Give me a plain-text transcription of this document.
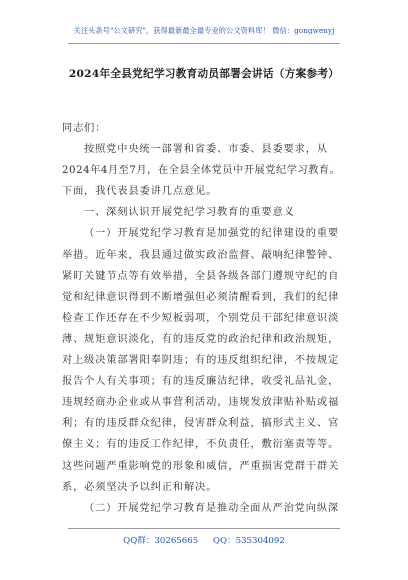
关注头条号"公文研究"，获得最新最全最专业的公文资料库！ 微信：gongwenyj
2024年全县党纪学习教育动员部署会讲话（方案参考）
同志们：
按照党中央统一部署和省委、市委、县委要求，从
2024年4月至7月，在全县全体党员中开展党纪学习教育。
下面，我代表县委讲几点意见。
一、深刻认识开展党纪学习教育的重要意义
（一）开展党纪学习教育是加强党的纪律建设的重要
举措。近年来，我县通过做实政治监督、敲响纪律警钟、
紧盯关键节点等有效举措，全县各级各部门遵规守纪的自
觉和纪律意识得到不断增强但必须清醒看到，我们的纪律
检查工作还存在不少短板弱项，个别党员干部纪律意识淡
薄、规矩意识淡化，有的违反党的政治纪律和政治规矩，
对上级决策部署阳奉阴违；有的违反组织纪律，不按规定
报告个人有关事项；有的违反廉洁纪律，收受礼品礼金，
违规经商办企业或从事营利活动，违规发放津贴补贴或福
利；有的违反群众纪律，侵害群众利益，搞形式主义、官
僚主义；有的违反工作纪律，不负责任，敷衍塞责等等。
这些问题严重影响党的形象和威信，严重损害党群干群关
系，必须坚决予以纠正和解决。
（二）开展党纪学习教育是推动全面从严治党向纵深
QQ群：30265665 QQ：535304092
